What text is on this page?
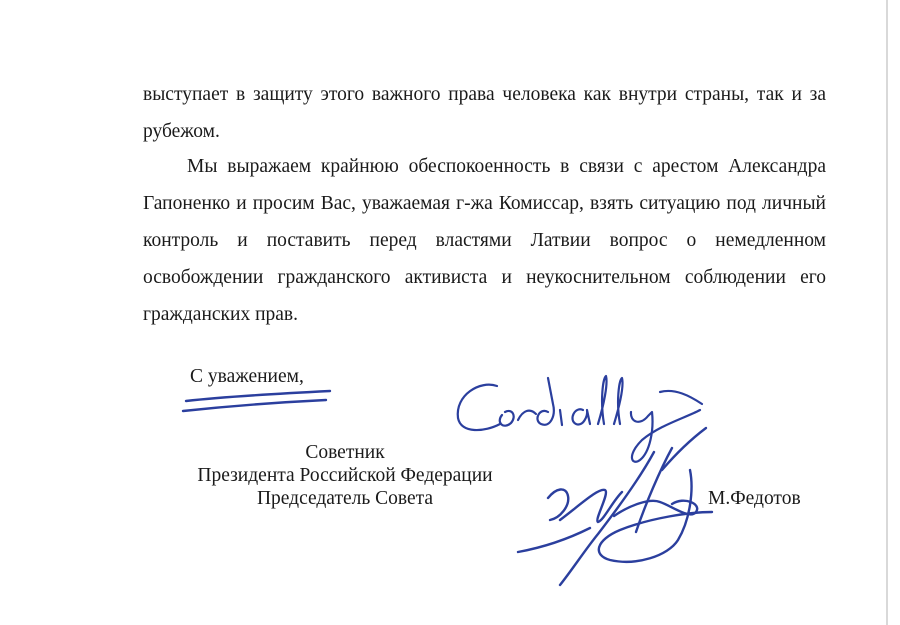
выступает в защиту этого важного права человека как внутри страны, так и за рубежом.

Мы выражаем крайнюю обеспокоенность в связи с арестом Александра Гапоненко и просим Вас, уважаемая г-жа Комиссар, взять ситуацию под личный контроль и поставить перед властями Латвии вопрос о немедленном освобождении гражданского активиста и неукоснительном соблюдении его гражданских прав.

С уважением,
Советник
Президента Российской Федерации
Председатель Совета	М.Федотов
